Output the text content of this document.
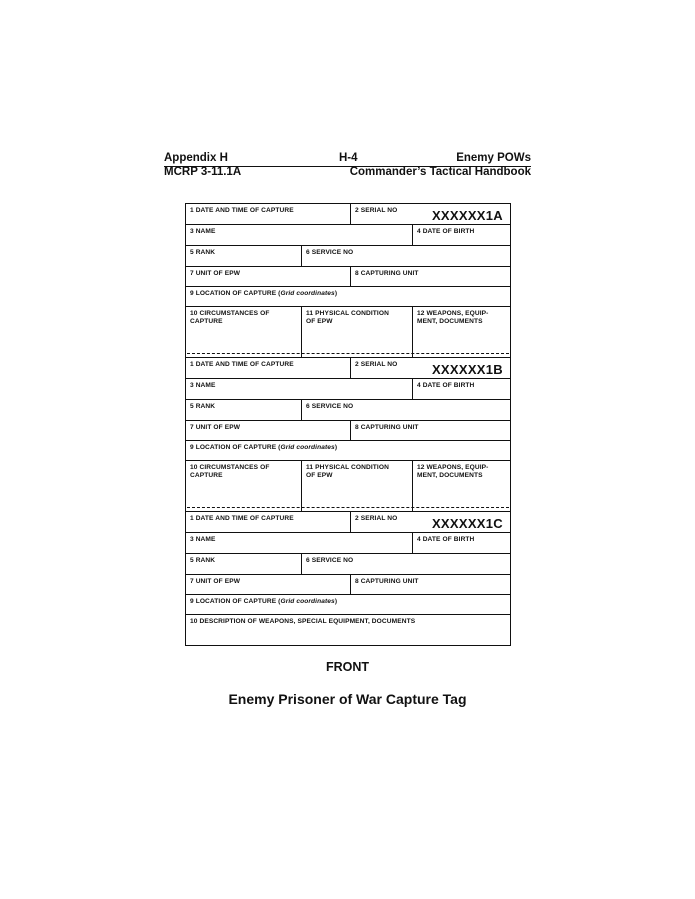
Appendix H	H-4	Enemy POWs
MCRP 3-11.1A	Commander’s Tactical Handbook
1 DATE AND TIME OF CAPTURE	2 SERIAL NO	XXXXXX1A
3 NAME	4 DATE OF BIRTH
5 RANK	6 SERVICE NO
7 UNIT OF EPW	8 CAPTURING UNIT
9 LOCATION OF CAPTURE (Grid coordinates)
10 CIRCUMSTANCES OF
CAPTURE
11 PHYSICAL CONDITION
OF EPW
12 WEAPONS, EQUIP-
MENT, DOCUMENTS
1 DATE AND TIME OF CAPTURE	2 SERIAL NO	XXXXXX1B
3 NAME	4 DATE OF BIRTH
5 RANK	6 SERVICE NO
7 UNIT OF EPW	8 CAPTURING UNIT
9 LOCATION OF CAPTURE (Grid coordinates)
10 CIRCUMSTANCES OF
CAPTURE
11 PHYSICAL CONDITION
OF EPW
12 WEAPONS, EQUIP-
MENT, DOCUMENTS
1 DATE AND TIME OF CAPTURE	2 SERIAL NO	XXXXXX1C
3 NAME	4 DATE OF BIRTH
5 RANK	6 SERVICE NO
7 UNIT OF EPW	8 CAPTURING UNIT
9 LOCATION OF CAPTURE (Grid coordinates)
10 DESCRIPTION OF WEAPONS, SPECIAL EQUIPMENT, DOCUMENTS
FRONT
Enemy Prisoner of War Capture Tag
